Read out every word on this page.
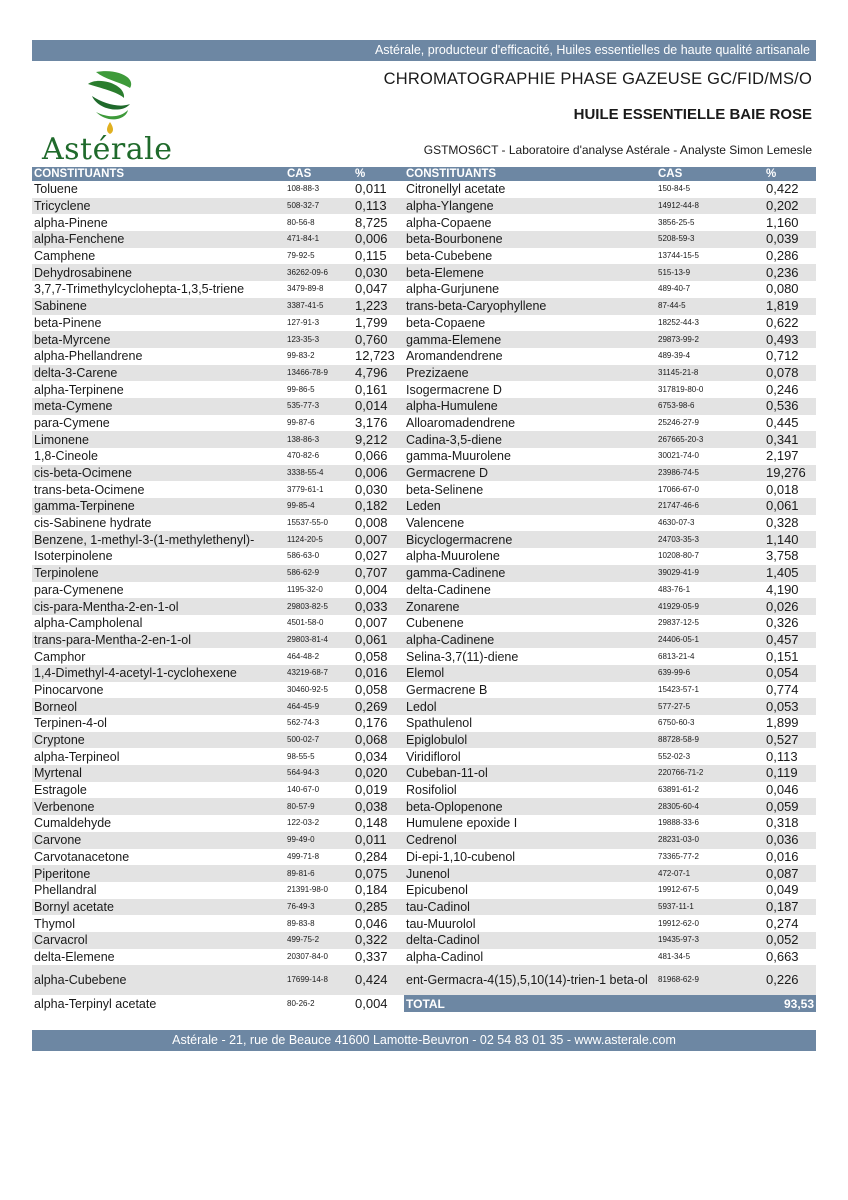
Astérale, producteur d'efficacité, Huiles essentielles de haute qualité artisanale
Astérale
CHROMATOGRAPHIE PHASE GAZEUSE GC/FID/MS/O
HUILE ESSENTIELLE BAIE ROSE
GSTMOS6CT - Laboratoire d'analyse Astérale - Analyste Simon Lemesle
CONSTITUANTS	CAS	%	CONSTITUANTS	CAS	%
Toluene	108-88-3	0,011	Citronellyl acetate	150-84-5	0,422
Tricyclene	508-32-7	0,113	alpha-Ylangene	14912-44-8	0,202
alpha-Pinene	80-56-8	8,725	alpha-Copaene	3856-25-5	1,160
alpha-Fenchene	471-84-1	0,006	beta-Bourbonene	5208-59-3	0,039
Camphene	79-92-5	0,115	beta-Cubebene	13744-15-5	0,286
Dehydrosabinene	36262-09-6	0,030	beta-Elemene	515-13-9	0,236
3,7,7-Trimethylcyclohepta-1,3,5-triene	3479-89-8	0,047	alpha-Gurjunene	489-40-7	0,080
Sabinene	3387-41-5	1,223	trans-beta-Caryophyllene	87-44-5	1,819
beta-Pinene	127-91-3	1,799	beta-Copaene	18252-44-3	0,622
beta-Myrcene	123-35-3	0,760	gamma-Elemene	29873-99-2	0,493
alpha-Phellandrene	99-83-2	12,723	Aromandendrene	489-39-4	0,712
delta-3-Carene	13466-78-9	4,796	Prezizaene	31145-21-8	0,078
alpha-Terpinene	99-86-5	0,161	Isogermacrene D	317819-80-0	0,246
meta-Cymene	535-77-3	0,014	alpha-Humulene	6753-98-6	0,536
para-Cymene	99-87-6	3,176	Alloaromadendrene	25246-27-9	0,445
Limonene	138-86-3	9,212	Cadina-3,5-diene	267665-20-3	0,341
1,8-Cineole	470-82-6	0,066	gamma-Muurolene	30021-74-0	2,197
cis-beta-Ocimene	3338-55-4	0,006	Germacrene D	23986-74-5	19,276
trans-beta-Ocimene	3779-61-1	0,030	beta-Selinene	17066-67-0	0,018
gamma-Terpinene	99-85-4	0,182	Leden	21747-46-6	0,061
cis-Sabinene hydrate	15537-55-0	0,008	Valencene	4630-07-3	0,328
Benzene, 1-methyl-3-(1-methylethenyl)-	1124-20-5	0,007	Bicyclogermacrene	24703-35-3	1,140
Isoterpinolene	586-63-0	0,027	alpha-Muurolene	10208-80-7	3,758
Terpinolene	586-62-9	0,707	gamma-Cadinene	39029-41-9	1,405
para-Cymenene	1195-32-0	0,004	delta-Cadinene	483-76-1	4,190
cis-para-Mentha-2-en-1-ol	29803-82-5	0,033	Zonarene	41929-05-9	0,026
alpha-Campholenal	4501-58-0	0,007	Cubenene	29837-12-5	0,326
trans-para-Mentha-2-en-1-ol	29803-81-4	0,061	alpha-Cadinene	24406-05-1	0,457
Camphor	464-48-2	0,058	Selina-3,7(11)-diene	6813-21-4	0,151
1,4-Dimethyl-4-acetyl-1-cyclohexene	43219-68-7	0,016	Elemol	639-99-6	0,054
Pinocarvone	30460-92-5	0,058	Germacrene B	15423-57-1	0,774
Borneol	464-45-9	0,269	Ledol	577-27-5	0,053
Terpinen-4-ol	562-74-3	0,176	Spathulenol	6750-60-3	1,899
Cryptone	500-02-7	0,068	Epiglobulol	88728-58-9	0,527
alpha-Terpineol	98-55-5	0,034	Viridiflorol	552-02-3	0,113
Myrtenal	564-94-3	0,020	Cubeban-11-ol	220766-71-2	0,119
Estragole	140-67-0	0,019	Rosifoliol	63891-61-2	0,046
Verbenone	80-57-9	0,038	beta-Oplopenone	28305-60-4	0,059
Cumaldehyde	122-03-2	0,148	Humulene epoxide I	19888-33-6	0,318
Carvone	99-49-0	0,011	Cedrenol	28231-03-0	0,036
Carvotanacetone	499-71-8	0,284	Di-epi-1,10-cubenol	73365-77-2	0,016
Piperitone	89-81-6	0,075	Junenol	472-07-1	0,087
Phellandral	21391-98-0	0,184	Epicubenol	19912-67-5	0,049
Bornyl acetate	76-49-3	0,285	tau-Cadinol	5937-11-1	0,187
Thymol	89-83-8	0,046	tau-Muurolol	19912-62-0	0,274
Carvacrol	499-75-2	0,322	delta-Cadinol	19435-97-3	0,052
delta-Elemene	20307-84-0	0,337	alpha-Cadinol	481-34-5	0,663
alpha-Cubebene	17699-14-8	0,424	ent-Germacra-4(15),5,10(14)-trien-1 beta-ol	81968-62-9	0,226
alpha-Terpinyl acetate	80-26-2	0,004	TOTAL		93,53
Astérale - 21, rue de Beauce 41600 Lamotte-Beuvron - 02 54 83 01 35 - www.asterale.com
